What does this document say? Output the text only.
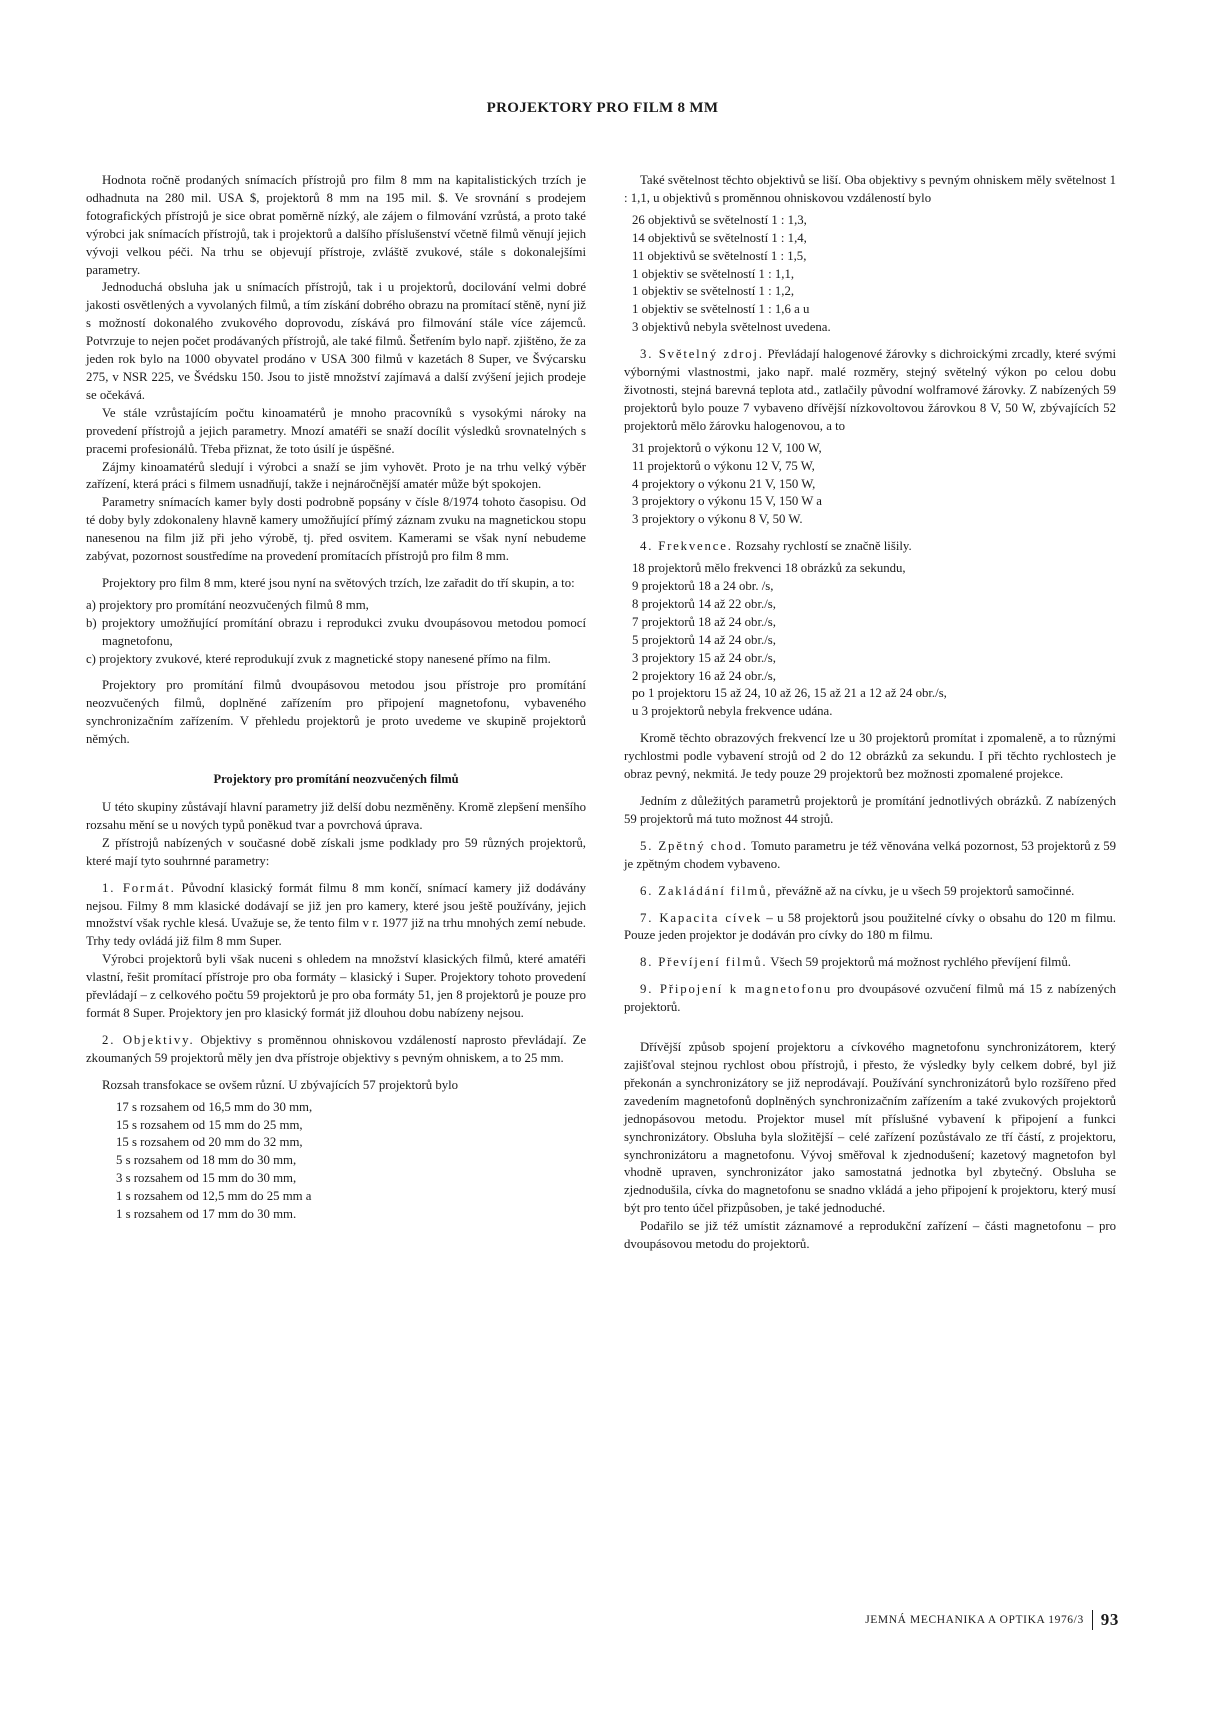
PROJEKTORY PRO FILM 8 MM

Hodnota ročně prodaných snímacích přístrojů pro film 8 mm na kapitalistických trzích je odhadnuta na 280 mil. USA $, projektorů 8 mm na 195 mil. $. Ve srovnání s prodejem fotografických přístrojů je sice obrat poměrně nízký, ale zájem o filmování vzrůstá, a proto také výrobci jak snímacích přístrojů, tak i projektorů a dalšího příslušenství včetně filmů věnují jejich vývoji velkou péči. Na trhu se objevují přístroje, zvláště zvukové, stále s dokonalejšími parametry.

Jednoduchá obsluha jak u snímacích přístrojů, tak i u projektorů, docilování velmi dobré jakosti osvětlených a vyvolaných filmů, a tím získání dobrého obrazu na promítací stěně, nyní již s možností dokonalého zvukového doprovodu, získává pro filmování stále více zájemců. Potvrzuje to nejen počet prodávaných přístrojů, ale také filmů. Šetřením bylo např. zjištěno, že za jeden rok bylo na 1000 obyvatel prodáno v USA 300 filmů v kazetách 8 Super, ve Švýcarsku 275, v NSR 225, ve Švédsku 150. Jsou to jistě množství zajímavá a další zvýšení jejich prodeje se očekává.

Ve stále vzrůstajícím počtu kinoamatérů je mnoho pracovníků s vysokými nároky na provedení přístrojů a jejich parametry. Mnozí amatéři se snaží docílit výsledků srovnatelných s pracemi profesionálů. Třeba přiznat, že toto úsilí je úspěšné.

Zájmy kinoamatérů sledují i výrobci a snaží se jim vyhovět. Proto je na trhu velký výběr zařízení, která práci s filmem usnadňují, takže i nejnáročnější amatér může být spokojen.

Parametry snímacích kamer byly dosti podrobně popsány v čísle 8/1974 tohoto časopisu. Od té doby byly zdokonaleny hlavně kamery umožňující přímý záznam zvuku na magnetickou stopu nanesenou na film již při jeho výrobě, tj. před osvitem. Kamerami se však nyní nebudeme zabývat, pozornost soustředíme na provedení promítacích přístrojů pro film 8 mm.

Projektory pro film 8 mm, které jsou nyní na světových trzích, lze zařadit do tří skupin, a to:

a) projektory pro promítání neozvučených filmů 8 mm,
b) projektory umožňující promítání obrazu i reprodukci zvuku dvoupásovou metodou pomocí magnetofonu,
c) projektory zvukové, které reprodukují zvuk z magnetické stopy nanesené přímo na film.

Projektory pro promítání filmů dvoupásovou metodou jsou přístroje pro promítání neozvučených filmů, doplněné zařízením pro připojení magnetofonu, vybaveného synchronizačním zařízením. V přehledu projektorů je proto uvedeme ve skupině projektorů němých.

Projektory pro promítání neozvučených filmů

U této skupiny zůstávají hlavní parametry již delší dobu nezměněny. Kromě zlepšení menšího rozsahu mění se u nových typů poněkud tvar a povrchová úprava.

Z přístrojů nabízených v současné době získali jsme podklady pro 59 různých projektorů, které mají tyto souhrnné parametry:

1. Formát. Původní klasický formát filmu 8 mm končí, snímací kamery již dodávány nejsou. Filmy 8 mm klasické dodávají se již jen pro kamery, které jsou ještě používány, jejich množství však rychle klesá. Uvažuje se, že tento film v r. 1977 již na trhu mnohých zemí nebude. Trhy tedy ovládá již film 8 mm Super.

Výrobci projektorů byli však nuceni s ohledem na množství klasických filmů, které amatéři vlastní, řešit promítací přístroje pro oba formáty – klasický i Super. Projektory tohoto provedení převládají – z celkového počtu 59 projektorů je pro oba formáty 51, jen 8 projektorů je pouze pro formát 8 Super. Projektory jen pro klasický formát již dlouhou dobu nabízeny nejsou.

2. Objektivy. Objektivy s proměnnou ohniskovou vzdáleností naprosto převládají. Ze zkoumaných 59 projektorů měly jen dva přístroje objektivy s pevným ohniskem, a to 25 mm.

Rozsah transfokace se ovšem různí. U zbývajících 57 projektorů bylo

17 s rozsahem od 16,5 mm do 30 mm,
15 s rozsahem od 15 mm do 25 mm,
15 s rozsahem od 20 mm do 32 mm,
5 s rozsahem od 18 mm do 30 mm,
3 s rozsahem od 15 mm do 30 mm,
1 s rozsahem od 12,5 mm do 25 mm a
1 s rozsahem od 17 mm do 30 mm.

Také světelnost těchto objektivů se liší. Oba objektivy s pevným ohniskem měly světelnost 1 : 1,1, u objektivů s proměnnou ohniskovou vzdáleností bylo

26 objektivů se světelností 1 : 1,3,
14 objektivů se světelností 1 : 1,4,
11 objektivů se světelností 1 : 1,5,
1 objektiv se světelností 1 : 1,1,
1 objektiv se světelností 1 : 1,2,
1 objektiv se světelností 1 : 1,6 a u
3 objektivů nebyla světelnost uvedena.

3. Světelný zdroj. Převládají halogenové žárovky s dichroickými zrcadly, které svými výbornými vlastnostmi, jako např. malé rozměry, stejný světelný výkon po celou dobu životnosti, stejná barevná teplota atd., zatlačily původní wolframové žárovky. Z nabízených 59 projektorů bylo pouze 7 vybaveno dřívější nízkovoltovou žárovkou 8 V, 50 W, zbývajících 52 projektorů mělo žárovku halogenovou, a to

31 projektorů o výkonu 12 V, 100 W,
11 projektorů o výkonu 12 V, 75 W,
4 projektory o výkonu 21 V, 150 W,
3 projektory o výkonu 15 V, 150 W a
3 projektory o výkonu 8 V, 50 W.

4. Frekvence. Rozsahy rychlostí se značně lišily.

18 projektorů mělo frekvenci 18 obrázků za sekundu,
9 projektorů 18 a 24 obr. /s,
8 projektorů 14 až 22 obr./s,
7 projektorů 18 až 24 obr./s,
5 projektorů 14 až 24 obr./s,
3 projektory 15 až 24 obr./s,
2 projektory 16 až 24 obr./s,
po 1 projektoru 15 až 24, 10 až 26, 15 až 21 a 12 až 24 obr./s,
u 3 projektorů nebyla frekvence udána.

Kromě těchto obrazových frekvencí lze u 30 projektorů promítat i zpomaleně, a to různými rychlostmi podle vybavení strojů od 2 do 12 obrázků za sekundu. I při těchto rychlostech je obraz pevný, nekmitá. Je tedy pouze 29 projektorů bez možnosti zpomalené projekce.

Jedním z důležitých parametrů projektorů je promítání jednotlivých obrázků. Z nabízených 59 projektorů má tuto možnost 44 strojů.

5. Zpětný chod. Tomuto parametru je též věnována velká pozornost, 53 projektorů z 59 je zpětným chodem vybaveno.

6. Zakládání filmů, převážně až na cívku, je u všech 59 projektorů samočinné.

7. Kapacita cívek – u 58 projektorů jsou použitelné cívky o obsahu do 120 m filmu. Pouze jeden projektor je dodáván pro cívky do 180 m filmu.

8. Převíjení filmů. Všech 59 projektorů má možnost rychlého převíjení filmů.

9. Připojení k magnetofonu pro dvoupásové ozvučení filmů má 15 z nabízených projektorů.

Dřívější způsob spojení projektoru a cívkového magnetofonu synchronizátorem, který zajišťoval stejnou rychlost obou přístrojů, i přesto, že výsledky byly celkem dobré, byl již překonán a synchronizátory se již neprodávají. Používání synchronizátorů bylo rozšířeno před zavedením magnetofonů doplněných synchronizačním zařízením a také zvukových projektorů jednopásovou metodu. Projektor musel mít příslušné vybavení k připojení a funkci synchronizátory. Obsluha byla složitější – celé zařízení pozůstávalo ze tří částí, z projektoru, synchronizátoru a magnetofonu. Vývoj směřoval k zjednodušení; kazetový magnetofon byl vhodně upraven, synchronizátor jako samostatná jednotka byl zbytečný. Obsluha se zjednodušila, cívka do magnetofonu se snadno vkládá a jeho připojení k projektoru, který musí být pro tento účel přizpůsoben, je také jednoduché.

Podařilo se již též umístit záznamové a reprodukční zařízení – části magnetofonu – pro dvoupásovou metodu do projektorů.

JEMNÁ MECHANIKA A OPTIKA 1976/3 93
